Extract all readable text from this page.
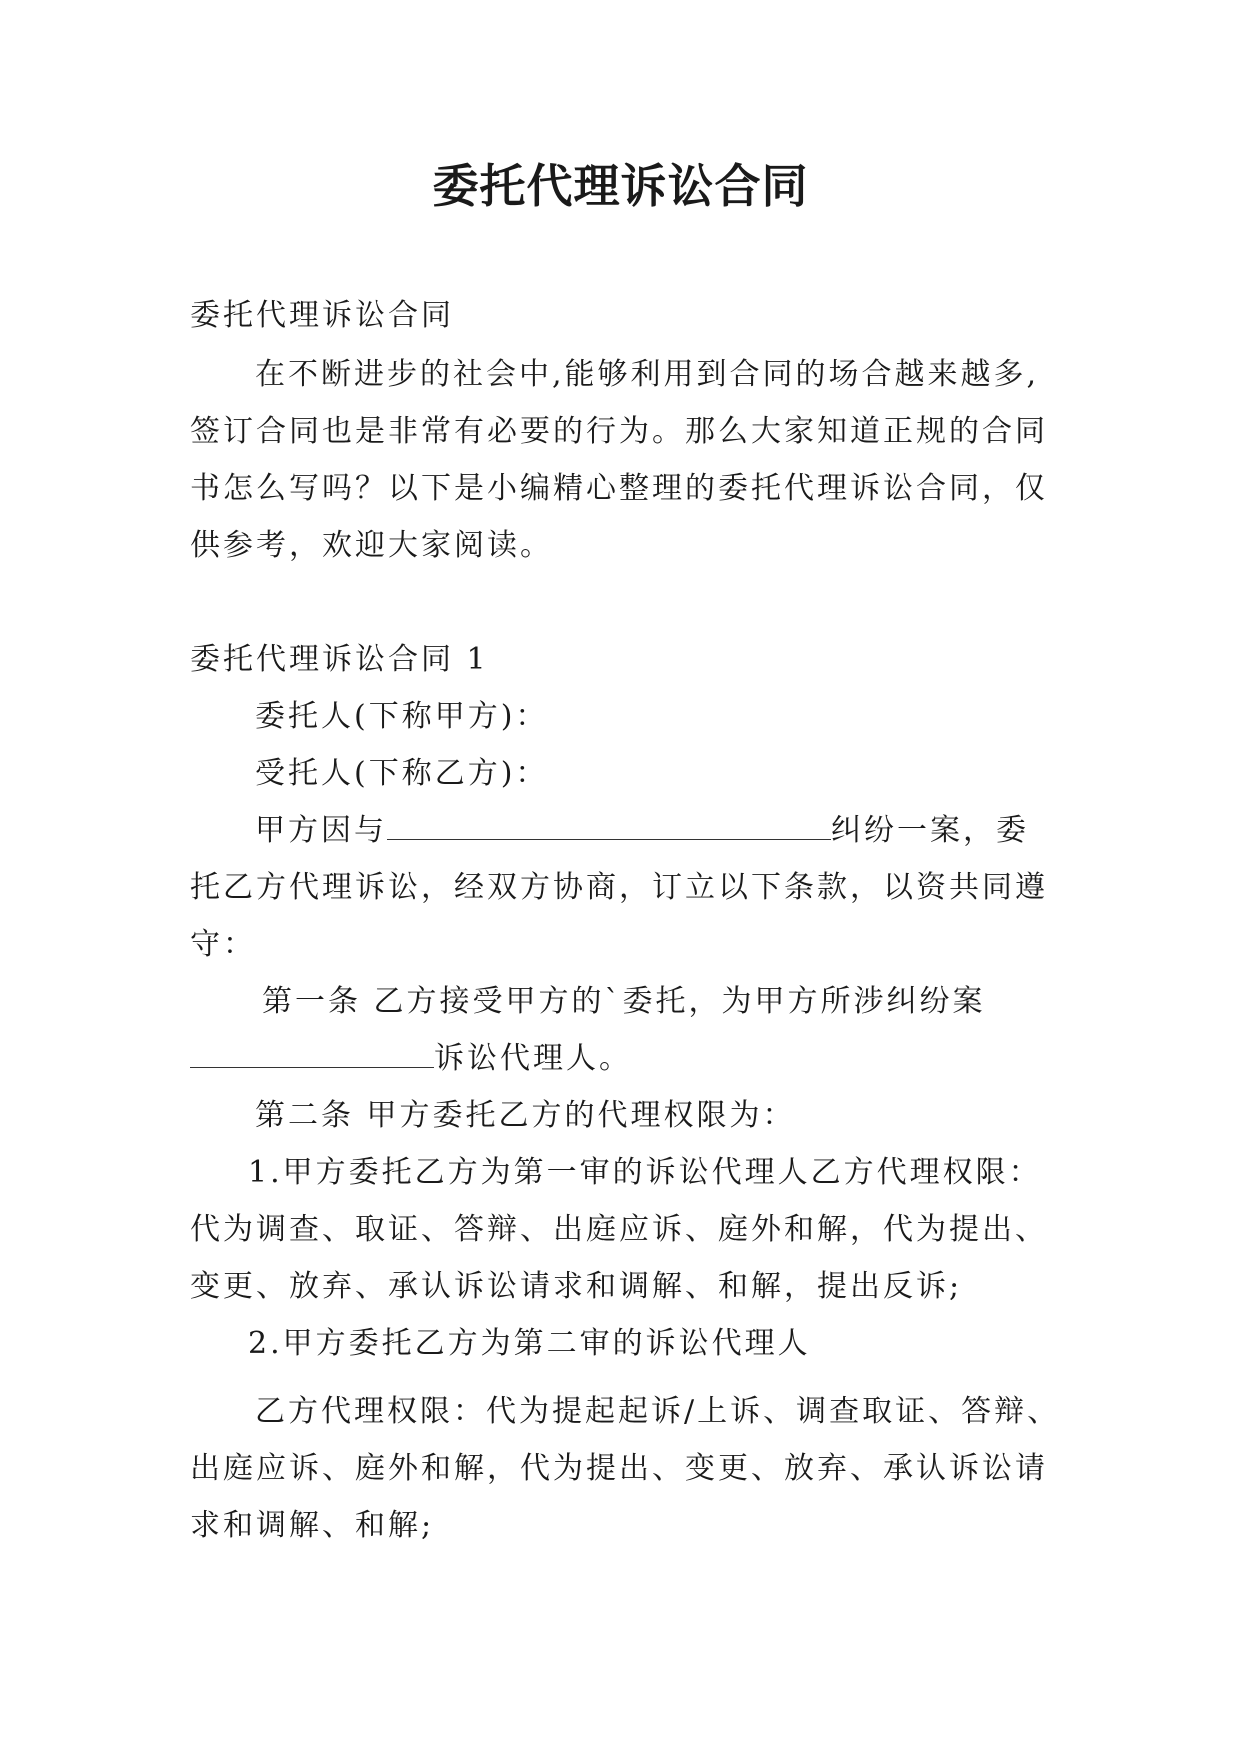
委托代理诉讼合同
委托代理诉讼合同
在不断进步的社会中,能够利用到合同的场合越来越多,
签订合同也是非常有必要的行为。那么大家知道正规的合同
书怎么写吗？以下是小编精心整理的委托代理诉讼合同，仅
供参考，欢迎大家阅读。
委托代理诉讼合同 1
委托人(下称甲方)：
受托人(下称乙方)：
甲方因与	纠纷一案，委
托乙方代理诉讼，经双方协商，订立以下条款，以资共同遵
守：
第一条 乙方接受甲方的`委托，为甲方所涉纠纷案
诉讼代理人。
第二条 甲方委托乙方的代理权限为：
1.甲方委托乙方为第一审的诉讼代理人乙方代理权限：
代为调查、取证、答辩、出庭应诉、庭外和解，代为提出、
变更、放弃、承认诉讼请求和调解、和解，提出反诉;
2.甲方委托乙方为第二审的诉讼代理人
乙方代理权限：代为提起起诉/上诉、调查取证、答辩、
出庭应诉、庭外和解，代为提出、变更、放弃、承认诉讼请
求和调解、和解;
